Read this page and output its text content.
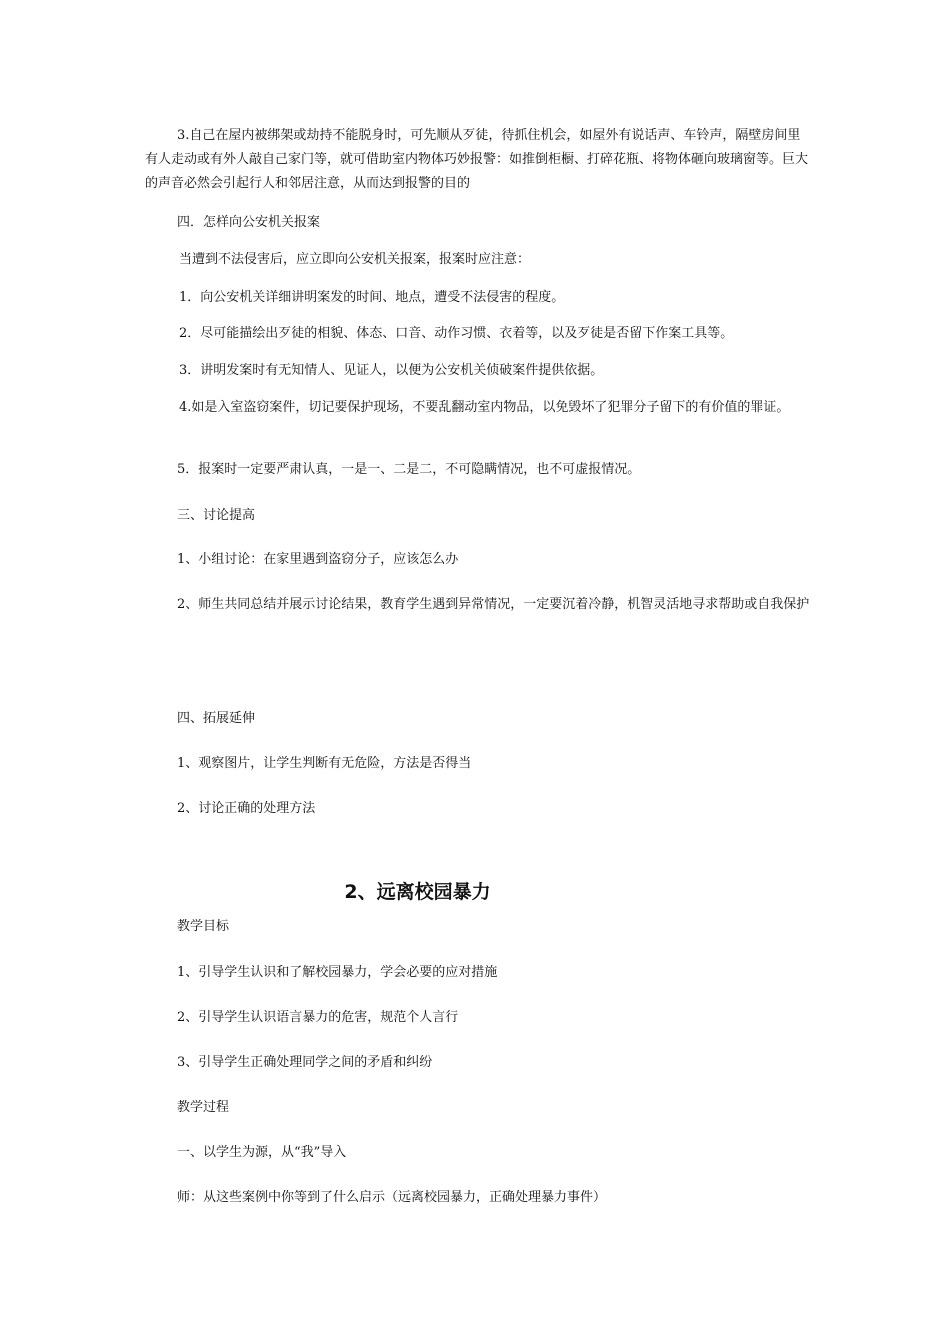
3.自己在屋内被绑架或劫持不能脱身时，可先顺从歹徒，待抓住机会，如屋外有说话声、车铃声，隔壁房间里有人走动或有外人敲自己家门等，就可借助室内物体巧妙报警：如推倒柜橱、打碎花瓶、将物体砸向玻璃窗等。巨大的声音必然会引起行人和邻居注意，从而达到报警的目的

四．怎样向公安机关报案

当遭到不法侵害后，应立即向公安机关报案，报案时应注意：

1．向公安机关详细讲明案发的时间、地点，遭受不法侵害的程度。

2．尽可能描绘出歹徒的相貌、体态、口音、动作习惯、衣着等，以及歹徒是否留下作案工具等。

3．讲明发案时有无知情人、见证人，以便为公安机关侦破案件提供依据。

4.如是入室盗窃案件，切记要保护现场，不要乱翻动室内物品，以免毁坏了犯罪分子留下的有价值的罪证。

5．报案时一定要严肃认真，一是一、二是二，不可隐瞒情况，也不可虚报情况。

三、讨论提高

1、小组讨论：在家里遇到盗窃分子，应该怎么办

2、师生共同总结并展示讨论结果，教育学生遇到异常情况，一定要沉着冷静，机智灵活地寻求帮助或自我保护

四、拓展延伸

1、观察图片，让学生判断有无危险，方法是否得当

2、讨论正确的处理方法

2、远离校园暴力

教学目标

1、引导学生认识和了解校园暴力，学会必要的应对措施

2、引导学生认识语言暴力的危害，规范个人言行

3、引导学生正确处理同学之间的矛盾和纠纷

教学过程

一、以学生为源，从“我”导入

师：从这些案例中你等到了什么启示（远离校园暴力，正确处理暴力事件）
